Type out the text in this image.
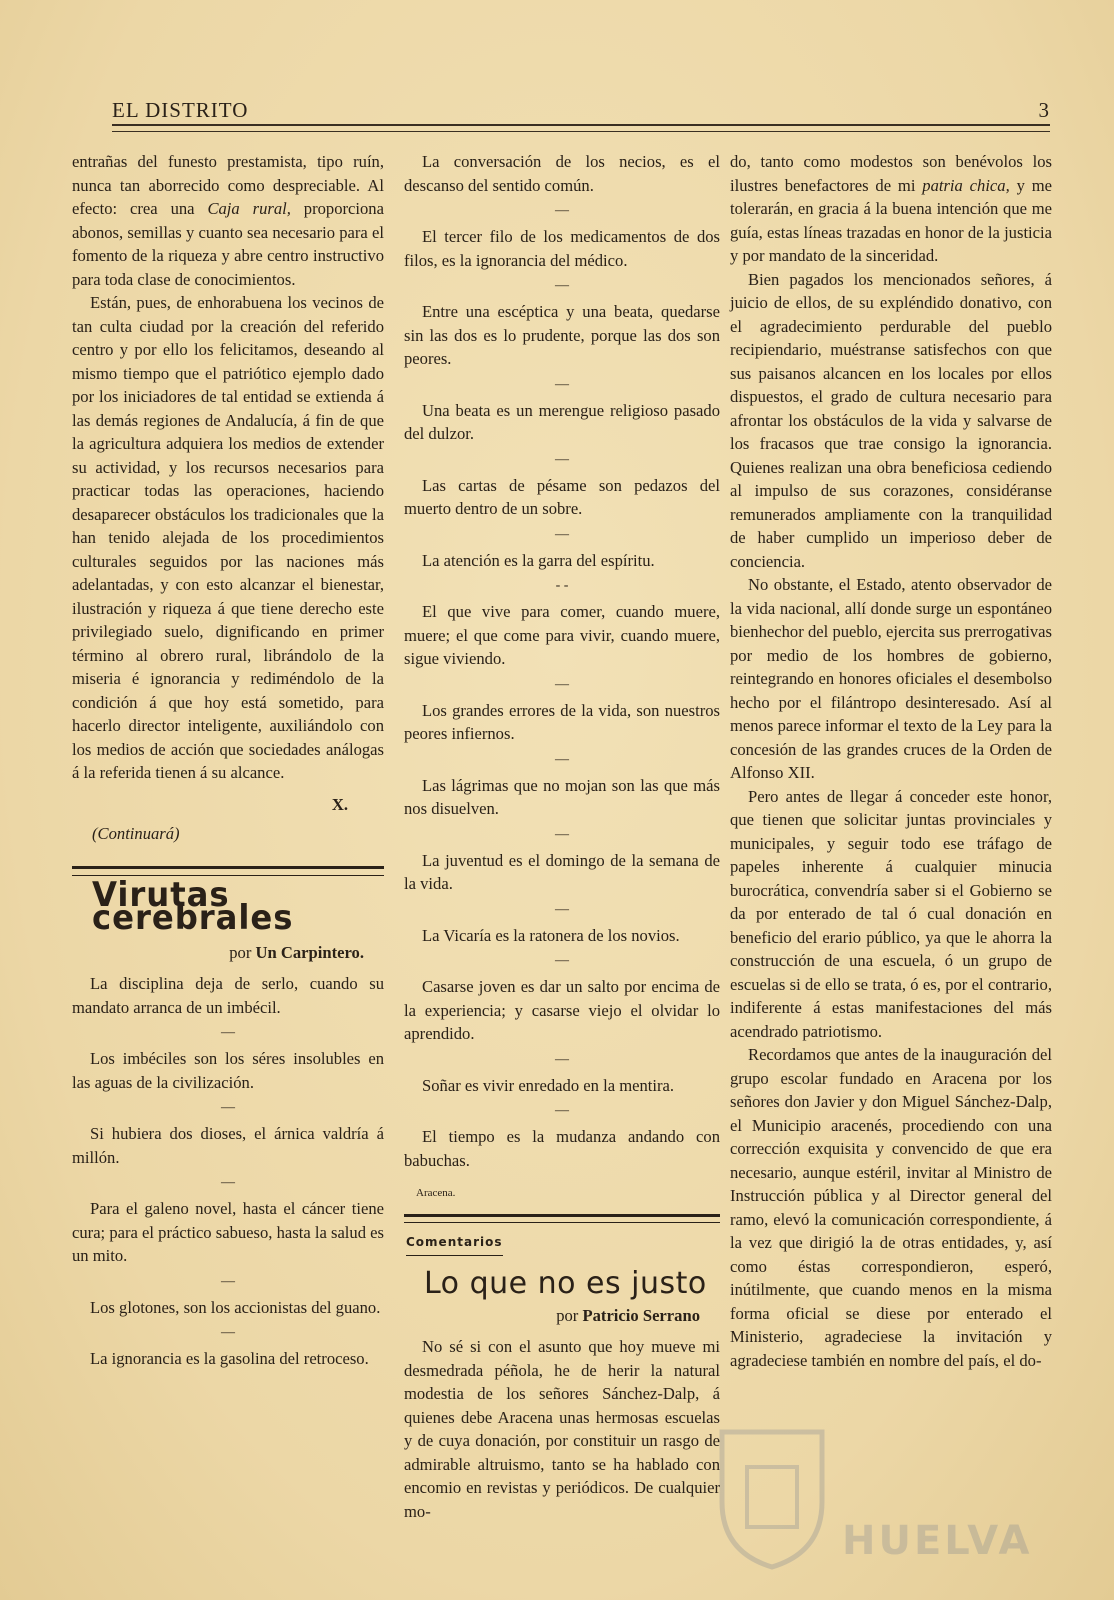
EL DISTRITO	3

entrañas del funesto prestamista, tipo ruín, nunca tan aborrecido como despreciable. Al efecto: crea una Caja rural, proporciona abonos, semillas y cuanto sea necesario para el fomento de la riqueza y abre centro instructivo para toda clase de conocimientos.

Están, pues, de enhorabuena los vecinos de tan culta ciudad por la creación del referido centro y por ello los felicitamos, deseando al mismo tiempo que el patriótico ejemplo dado por los iniciadores de tal entidad se extienda á las demás regiones de Andalucía, á fin de que la agricultura adquiera los medios de extender su actividad, y los recursos necesarios para practicar todas las operaciones, haciendo desaparecer obstáculos los tradicionales que la han tenido alejada de los procedimientos culturales seguidos por las naciones más adelantadas, y con esto alcanzar el bienestar, ilustración y riqueza á que tiene derecho este privilegiado suelo, dignificando en primer término al obrero rural, librándolo de la miseria é ignorancia y rediméndolo de la condición á que hoy está sometido, para hacerlo director inteligente, auxiliándolo con los medios de acción que sociedades análogas á la referida tienen á su alcance.

X.
(Continuará)
Virutas cerebrales
por Un Carpintero.

La disciplina deja de serlo, cuando su mandato arranca de un imbécil.

—

Los imbéciles son los séres insolubles en las aguas de la civilización.

—

Si hubiera dos dioses, el árnica valdría á millón.

—

Para el galeno novel, hasta el cáncer tiene cura; para el práctico sabueso, hasta la salud es un mito.

—

Los glotones, son los accionistas del guano.

—

La ignorancia es la gasolina del retroceso.

La conversación de los necios, es el descanso del sentido común.

—

El tercer filo de los medicamentos de dos filos, es la ignorancia del médico.

—

Entre una escéptica y una beata, quedarse sin las dos es lo prudente, porque las dos son peores.

—

Una beata es un merengue religioso pasado del dulzor.

—

Las cartas de pésame son pedazos del muerto dentro de un sobre.

—

La atención es la garra del espíritu.

- -

El que vive para comer, cuando muere, muere; el que come para vivir, cuando muere, sigue viviendo.

—

Los grandes errores de la vida, son nuestros peores infiernos.

—

Las lágrimas que no mojan son las que más nos disuelven.

—

La juventud es el domingo de la semana de la vida.

—

La Vicaría es la ratonera de los novios.

—

Casarse joven es dar un salto por encima de la experiencia; y casarse viejo el olvidar lo aprendido.

—

Soñar es vivir enredado en la mentira.

—

El tiempo es la mudanza andando con babuchas.

Aracena.
Comentarios
Lo que no es justo
por Patricio Serrano

No sé si con el asunto que hoy mueve mi desmedrada péñola, he de herir la natural modestia de los señores Sánchez-Dalp, á quienes debe Aracena unas hermosas escuelas y de cuya donación, por constituir un rasgo de admirable altruismo, tanto se ha hablado con encomio en revistas y periódicos. De cualquier mo-

do, tanto como modestos son benévolos los ilustres benefactores de mi patria chica, y me tolerarán, en gracia á la buena intención que me guía, estas líneas trazadas en honor de la justicia y por mandato de la sinceridad.

Bien pagados los mencionados señores, á juicio de ellos, de su expléndido donativo, con el agradecimiento perdurable del pueblo recipiendario, muéstranse satisfechos con que sus paisanos alcancen en los locales por ellos dispuestos, el grado de cultura necesario para afrontar los obstáculos de la vida y salvarse de los fracasos que trae consigo la ignorancia. Quienes realizan una obra beneficiosa cediendo al impulso de sus corazones, considéranse remunerados ampliamente con la tranquilidad de haber cumplido un imperioso deber de conciencia.

No obstante, el Estado, atento observador de la vida nacional, allí donde surge un espontáneo bienhechor del pueblo, ejercita sus prerrogativas por medio de los hombres de gobierno, reintegrando en honores oficiales el desembolso hecho por el filántropo desinteresado. Así al menos parece informar el texto de la Ley para la concesión de las grandes cruces de la Orden de Alfonso XII.

Pero antes de llegar á conceder este honor, que tienen que solicitar juntas provinciales y municipales, y seguir todo ese tráfago de papeles inherente á cualquier minucia burocrática, convendría saber si el Gobierno se da por enterado de tal ó cual donación en beneficio del erario público, ya que le ahorra la construcción de una escuela, ó un grupo de escuelas si de ello se trata, ó es, por el contrario, indiferente á estas manifestaciones del más acendrado patriotismo.

Recordamos que antes de la inauguración del grupo escolar fundado en Aracena por los señores don Javier y don Miguel Sánchez-Dalp, el Municipio aracenés, procediendo con una corrección exquisita y convencido de que era necesario, aunque estéril, invitar al Ministro de Instrucción pública y al Director general del ramo, elevó la comunicación correspondiente, á la vez que dirigió la de otras entidades, y, así como éstas correspondieron, esperó, inútilmente, que cuando menos en la misma forma oficial se diese por enterado el Ministerio, agradeciese la invitación y agradeciese también en nombre del país, el do-

HUELVA
